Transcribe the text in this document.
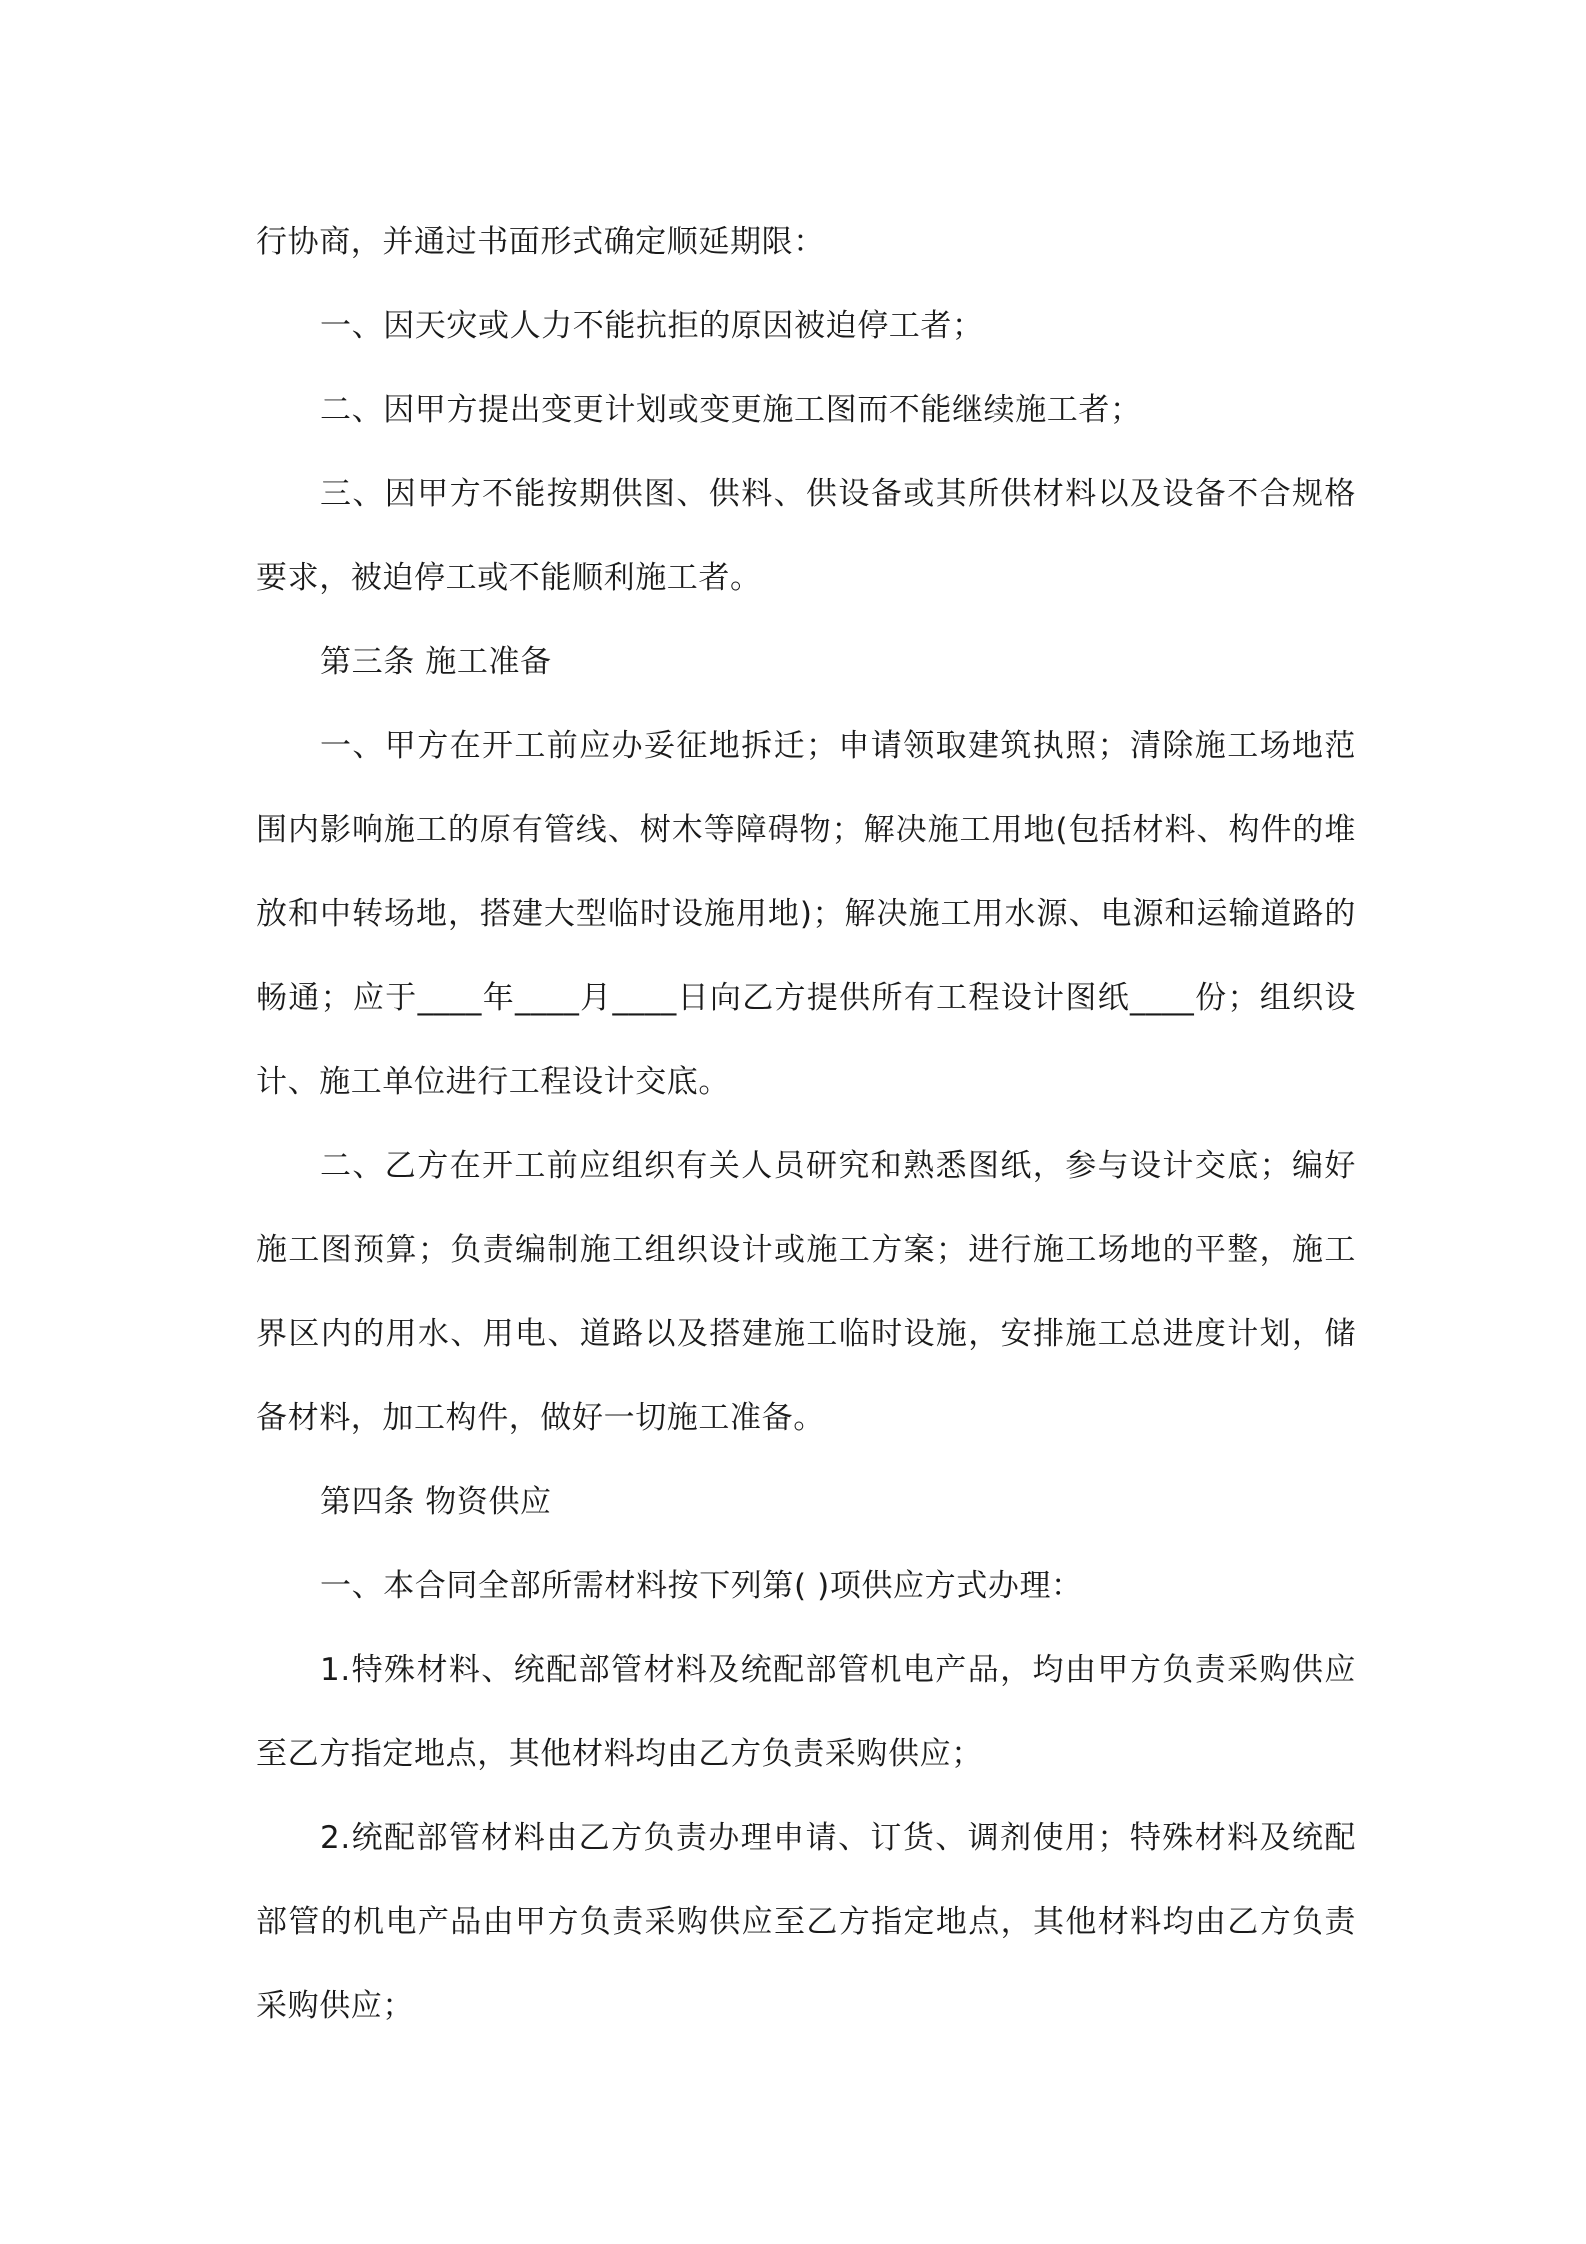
行协商，并通过书面形式确定顺延期限：

一、因天灾或人力不能抗拒的原因被迫停工者；

二、因甲方提出变更计划或变更施工图而不能继续施工者；

三、因甲方不能按期供图、供料、供设备或其所供材料以及设备不合规格要求，被迫停工或不能顺利施工者。

第三条 施工准备

一、甲方在开工前应办妥征地拆迁；申请领取建筑执照；清除施工场地范围内影响施工的原有管线、树木等障碍物；解决施工用地(包括材料、构件的堆放和中转场地，搭建大型临时设施用地)；解决施工用水源、电源和运输道路的畅通；应于____年____月____日向乙方提供所有工程设计图纸____份；组织设计、施工单位进行工程设计交底。

二、乙方在开工前应组织有关人员研究和熟悉图纸，参与设计交底；编好施工图预算；负责编制施工组织设计或施工方案；进行施工场地的平整，施工界区内的用水、用电、道路以及搭建施工临时设施，安排施工总进度计划，储备材料，加工构件，做好一切施工准备。

第四条 物资供应

一、本合同全部所需材料按下列第( )项供应方式办理：

1.特殊材料、统配部管材料及统配部管机电产品，均由甲方负责采购供应至乙方指定地点，其他材料均由乙方负责采购供应；

2.统配部管材料由乙方负责办理申请、订货、调剂使用；特殊材料及统配部管的机电产品由甲方负责采购供应至乙方指定地点，其他材料均由乙方负责采购供应；
